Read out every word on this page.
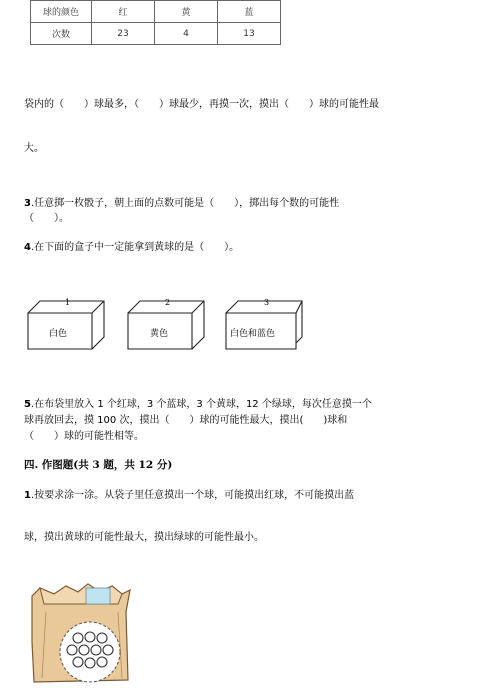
球的颜色	红	黄	蓝
次数	23	4	13
袋内的（　　）球最多，（　　）球最少，再摸一次，摸出（　　）球的可能性最
大。
3.任意掷一枚骰子，朝上面的点数可能是（　　），掷出每个数的可能性
（　　）。
4.在下面的盒子中一定能拿到黄球的是（　　）。
1	2	3
白色	黄色	白色和蓝色
5.在布袋里放入 1 个红球，3 个蓝球，3 个黄球，12 个绿球，每次任意摸一个
球再放回去，摸 100 次，摸出（　　）球的可能性最大，摸出(　　)球和
（　　）球的可能性相等。
四. 作图题(共 3 题，共 12 分)
1.按要求涂一涂。从袋子里任意摸出一个球，可能摸出红球，不可能摸出蓝
球，摸出黄球的可能性最大，摸出绿球的可能性最小。
